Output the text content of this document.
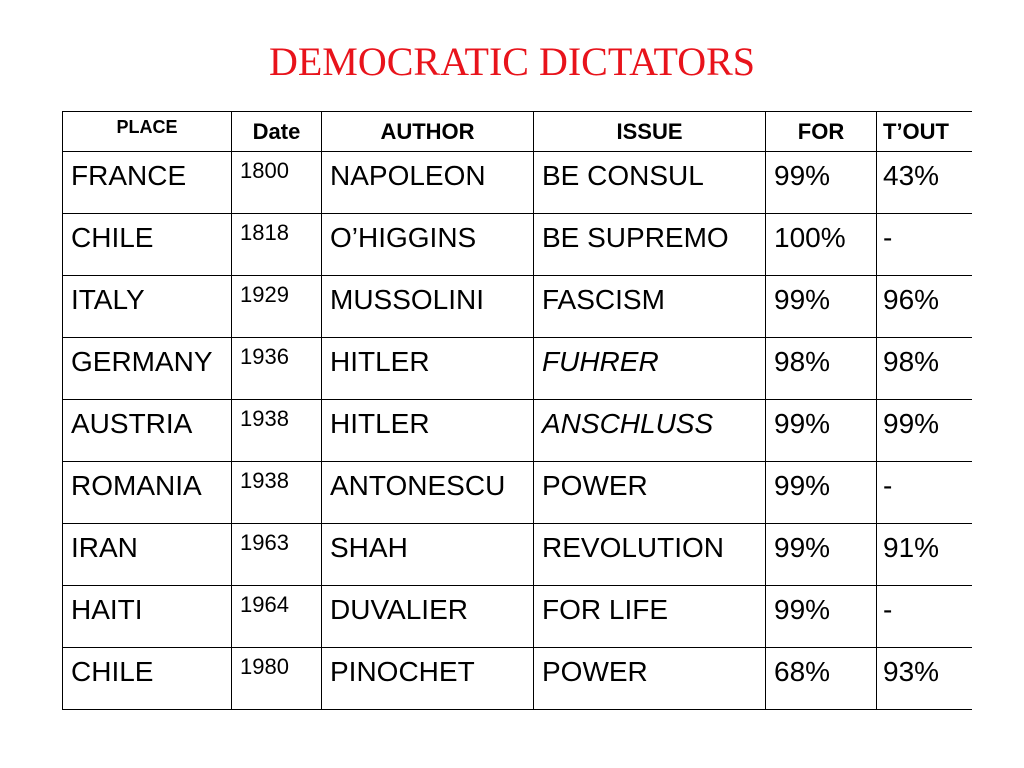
DEMOCRATIC DICTATORS
PLACE	Date	AUTHOR	ISSUE	FOR	T’OUT
FRANCE	1800	NAPOLEON	BE CONSUL	99%	43%
CHILE	1818	O’HIGGINS	BE SUPREMO	100%	-
ITALY	1929	MUSSOLINI	FASCISM	99%	96%
GERMANY	1936	HITLER	FUHRER	98%	98%
AUSTRIA	1938	HITLER	ANSCHLUSS	99%	99%
ROMANIA	1938	ANTONESCU	POWER	99%	-
IRAN	1963	SHAH	REVOLUTION	99%	91%
HAITI	1964	DUVALIER	FOR LIFE	99%	-
CHILE	1980	PINOCHET	POWER	68%	93%
